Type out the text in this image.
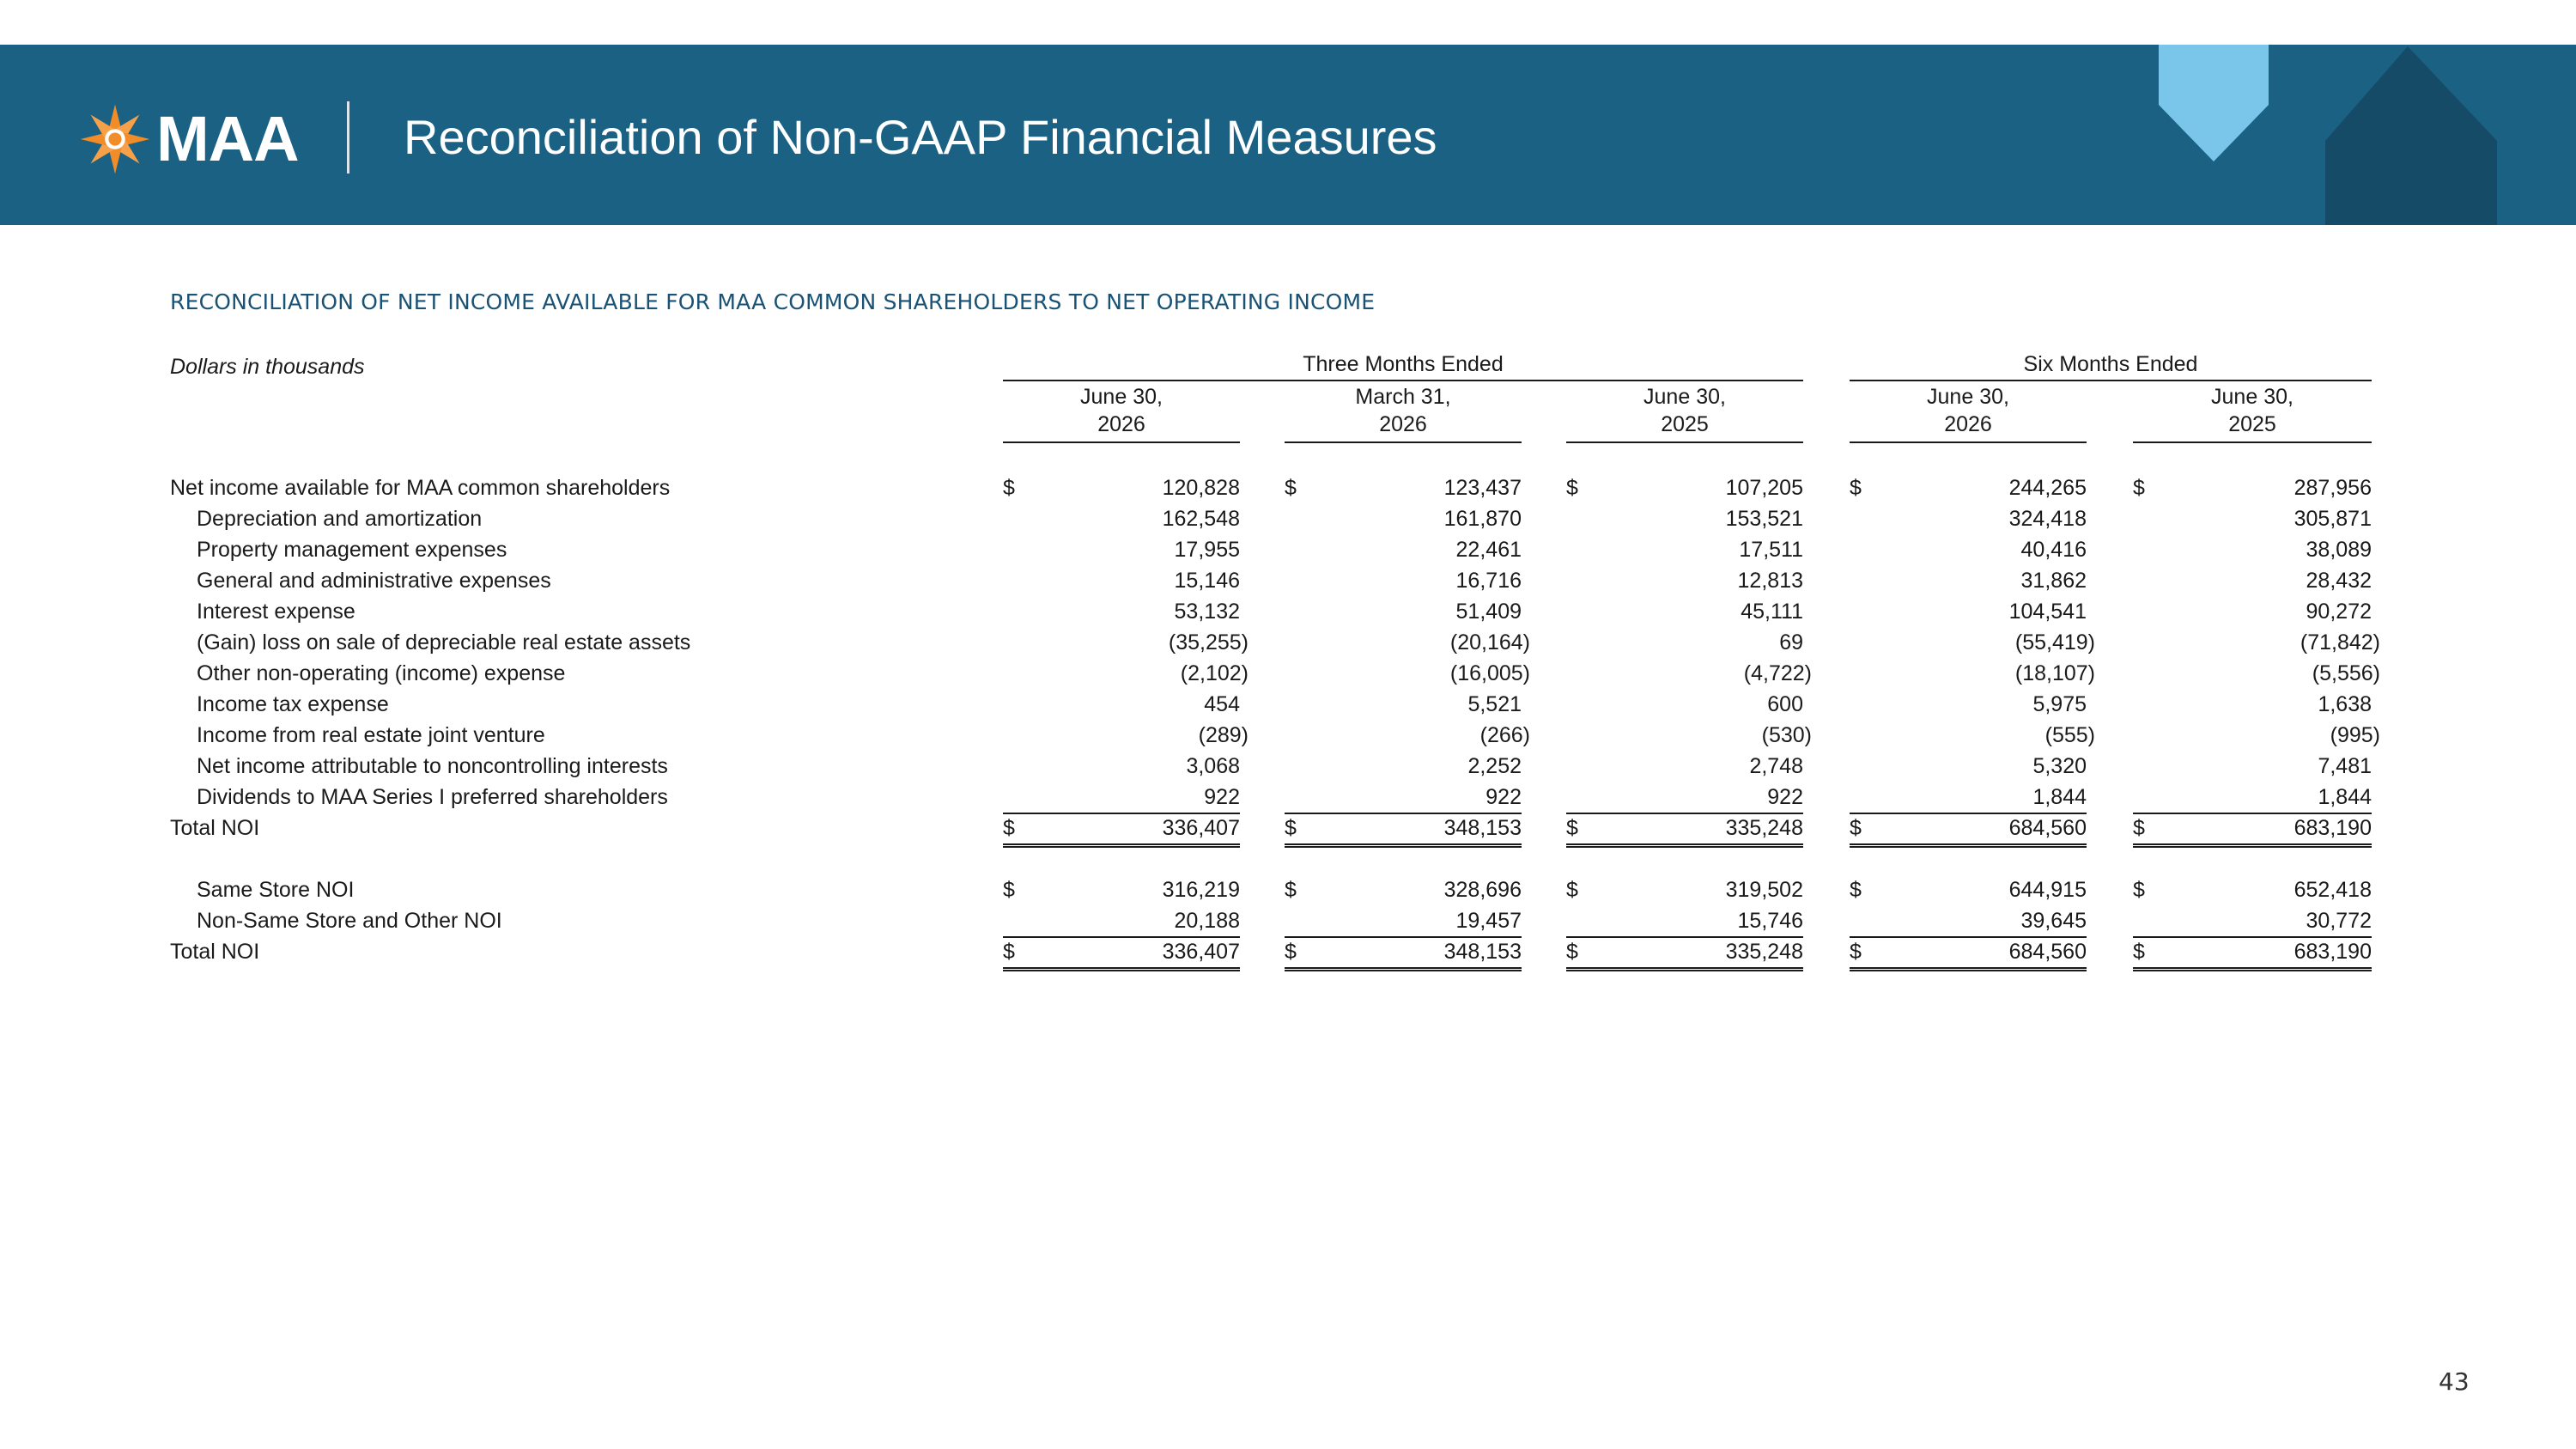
MAA Reconciliation of Non-GAAP Financial Measures
RECONCILIATION OF NET INCOME AVAILABLE FOR MAA COMMON SHAREHOLDERS TO NET OPERATING INCOME
Dollars in thousands	Three Months Ended	Six Months Ended
June 30,
2026
March 31,
2026
June 30,
2025
June 30,
2026
June 30,
2025
Net income available for MAA common shareholders	$	120,828 $	123,437 $	107,205 $	244,265 $	287,956
Depreciation and amortization	162,548	161,870	153,521	324,418	305,871
Property management expenses	17,955	22,461	17,511	40,416	38,089
General and administrative expenses	15,146	16,716	12,813	31,862	28,432
Interest expense	53,132	51,409	45,111	104,541	90,272
(Gain) loss on sale of depreciable real estate assets	(35,255)	(20,164)	69	(55,419)	(71,842)
Other non-operating (income) expense	(2,102)	(16,005)	(4,722)	(18,107)	(5,556)
Income tax expense	454	5,521	600	5,975	1,638
Income from real estate joint venture	(289)	(266)	(530)	(555)	(995)
Net income attributable to noncontrolling interests	3,068	2,252	2,748	5,320	7,481
Dividends to MAA Series I preferred shareholders	922	922	922	1,844	1,844
Total NOI	$	336,407 $	348,153 $	335,248 $	684,560 $	683,190
Same Store NOI	$	316,219 $	328,696 $	319,502 $	644,915 $	652,418
Non-Same Store and Other NOI	20,188	19,457	15,746	39,645	30,772
Total NOI	$	336,407 $	348,153 $	335,248 $	684,560 $	683,190
43
